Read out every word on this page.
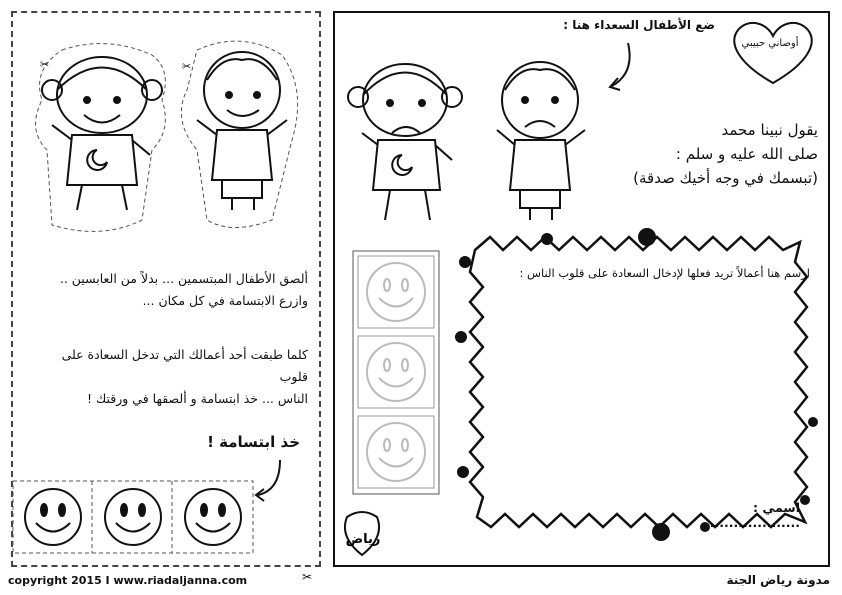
✂	✂
ألصق الأطفال المبتسمين ... بدلاً من العابسين ..
وازرع الابتسامة في كل مكان ...
كلما طبقت أحد أعمالك التي تدخل السعادة على قلوب
الناس ... خذ ابتسامة و ألصقها في ورقتك !
خذ ابتسامة !
أوصاني حبيبي
ضع الأطفال السعداء هنا :
يقول نبينا محمد
صلى الله عليه و سلم :
(تبسمك في وجه أخيك صدقة)
ارسم هنا أعمالاً تريد فعلها لإدخال السعادة على قلوب الناس :
اسمي : ...................
رياض
copyright 2015 I www.riadaljanna.com	✂	مدونة رياض الجنة
